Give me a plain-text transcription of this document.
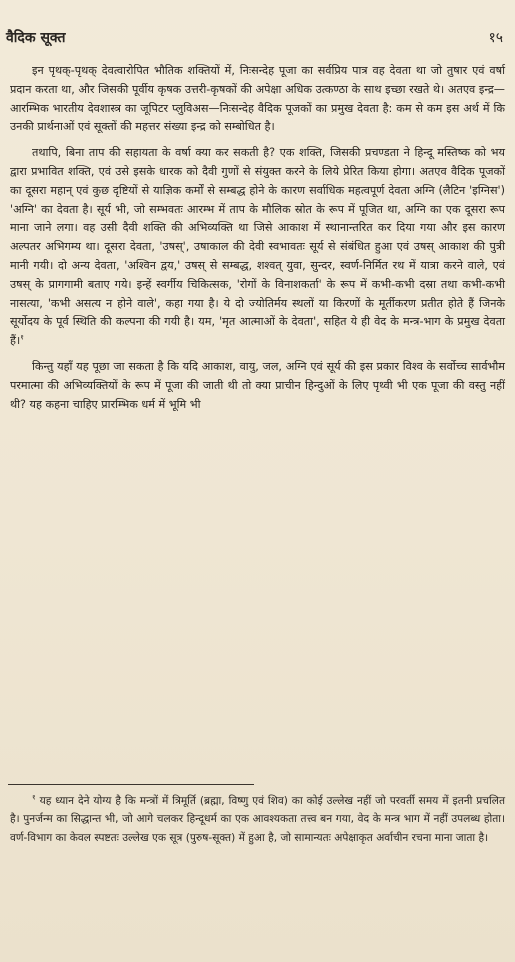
वैदिक सूक्त	१५

इन पृथक्-पृथक् देवत्वारोपित भौतिक शक्तियों में, निःसन्देह पूजा का सर्वप्रिय पात्र वह देवता था जो तुषार एवं वर्षा प्रदान करता था, और जिसकी पूर्वीय कृषक उत्तरी-कृषकों की अपेक्षा अधिक उत्कण्ठा के साथ इच्छा रखते थे। अतएव इन्द्र—आरम्भिक भारतीय देवशास्त्र का जूपिटर प्लुविअस—निःसन्देह वैदिक पूजकों का प्रमुख देवता है: कम से कम इस अर्थ में कि उनकी प्रार्थनाओं एवं सूक्तों की महत्तर संख्या इन्द्र को सम्बोधित है।

तथापि, बिना ताप की सहायता के वर्षा क्या कर सकती है? एक शक्ति, जिसकी प्रचण्डता ने हिन्दू मस्तिष्क को भय द्वारा प्रभावित शक्ति, एवं उसे इसके धारक को दैवी गुणों से संयुक्त करने के लिये प्रेरित किया होगा। अतएव वैदिक पूजकों का दूसरा महान् एवं कुछ दृष्टियों से याज्ञिक कर्मों से सम्बद्ध होने के कारण सर्वाधिक महत्वपूर्ण देवता अग्नि (लैटिन 'इग्निस') 'अग्नि' का देवता है। सूर्य भी, जो सम्भवतः आरम्भ में ताप के मौलिक स्रोत के रूप में पूजित था, अग्नि का एक दूसरा रूप माना जाने लगा। वह उसी दैवी शक्ति की अभिव्यक्ति था जिसे आकाश में स्थानान्तरित कर दिया गया और इस कारण अल्पतर अभिगम्य था। दूसरा देवता, 'उषस्', उषाकाल की देवी स्वभावतः सूर्य से संबंधित हुआ एवं उषस् आकाश की पुत्री मानी गयी। दो अन्य देवता, 'अश्विन द्वय,' उषस् से सम्बद्ध, शश्वत् युवा, सुन्दर, स्वर्ण-निर्मित रथ में यात्रा करने वाले, एवं उषस् के प्रागगामी बताए गये। इन्हें स्वर्गीय चिकित्सक, 'रोगों के विनाशकर्ता' के रूप में कभी-कभी दस्रा तथा कभी-कभी नासत्या, 'कभी असत्य न होने वाले', कहा गया है। ये दो ज्योतिर्मय स्थलों या किरणों के मूर्तीकरण प्रतीत होते हैं जिनके सूर्योदय के पूर्व स्थिति की कल्पना की गयी है। यम, 'मृत आत्माओं के देवता', सहित ये ही वेद के मन्त्र-भाग के प्रमुख देवता हैं।$^१$

किन्तु यहाँ यह पूछा जा सकता है कि यदि आकाश, वायु, जल, अग्नि एवं सूर्य की इस प्रकार विश्व के सर्वोच्च सार्वभौम परमात्मा की अभिव्यक्तियों के रूप में पूजा की जाती थी तो क्या प्राचीन हिन्दुओं के लिए पृथ्वी भी एक पूजा की वस्तु नहीं थी? यह कहना चाहिए प्रारम्भिक धर्म में भूमि भी

$^१$ यह ध्यान देने योग्य है कि मन्त्रों में त्रिमूर्ति (ब्रह्मा, विष्णु एवं शिव) का कोई उल्लेख नहीं जो परवर्ती समय में इतनी प्रचलित है। पुनर्जन्म का सिद्धान्त भी, जो आगे चलकर हिन्दूधर्म का एक आवश्यकता तत्त्व बन गया, वेद के मन्त्र भाग में नहीं उपलब्ध होता। वर्ण-विभाग का केवल स्पष्टतः उल्लेख एक सूत्र (पुरुष-सूक्त) में हुआ है, जो सामान्यतः अपेक्षाकृत अर्वाचीन रचना माना जाता है।
